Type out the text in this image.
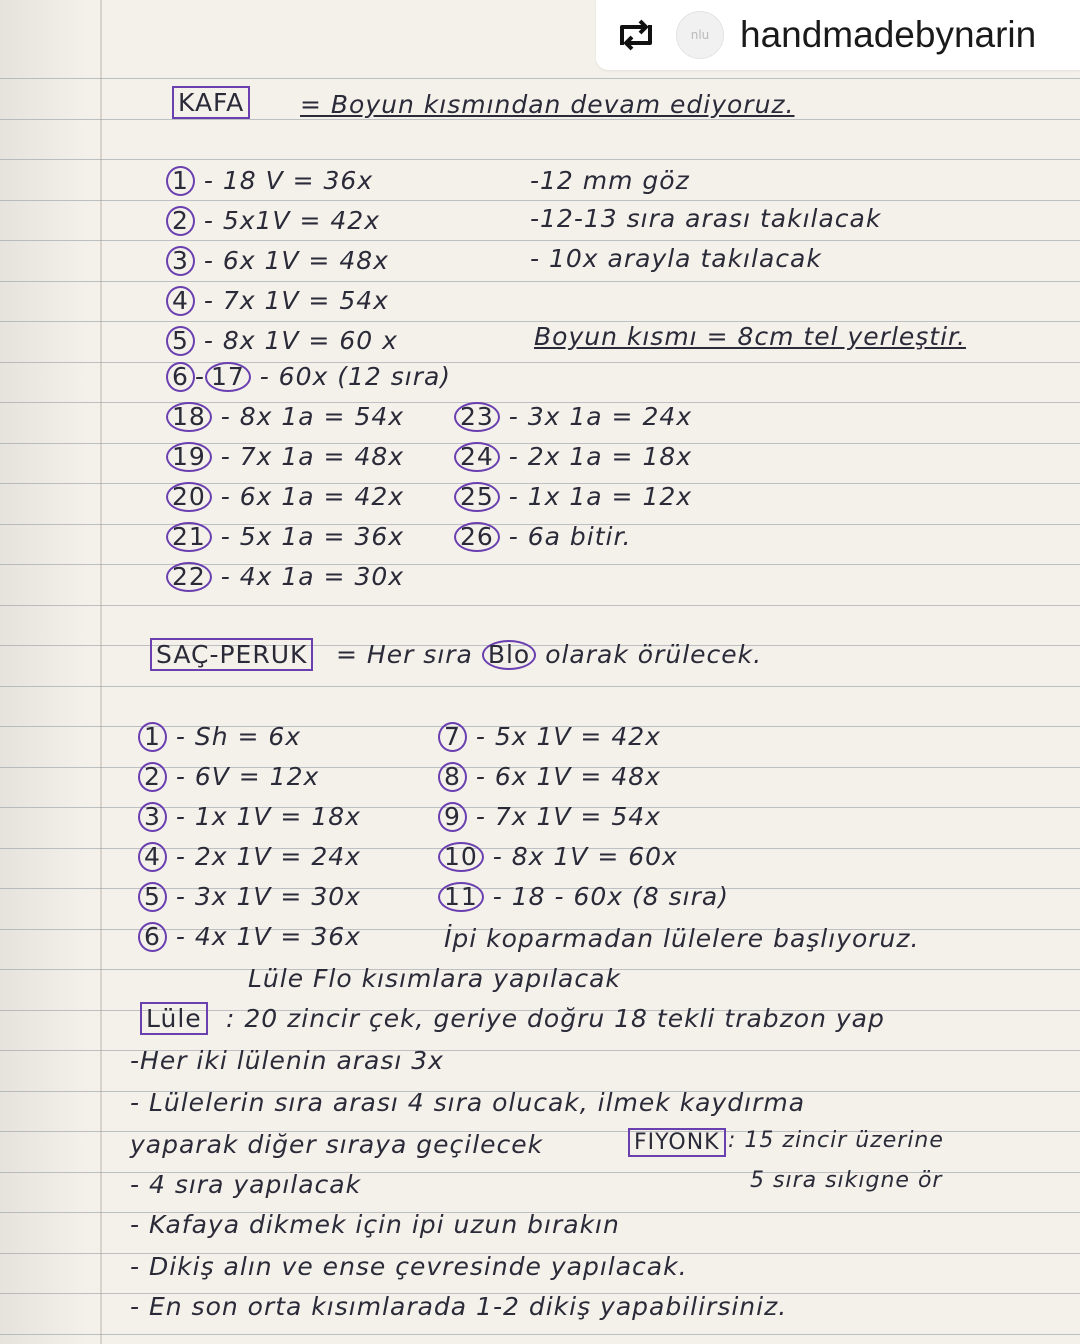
nlu handmadebynarin
KAFA = Boyun kısmından devam ediyoruz.
1 - 18 V = 36x
2 - 5x1V = 42x
3 - 6x 1V = 48x
4 - 7x 1V = 54x
5 - 8x 1V = 60 x
6 - 17 - 60x (12 sıra)
18 - 8x 1a = 54x
19 - 7x 1a = 48x
20 - 6x 1a = 42x
21 - 5x 1a = 36x
22 - 4x 1a = 30x
-12 mm göz
-12-13 sıra arası takılacak
- 10x arayla takılacak
Boyun kısmı = 8cm tel yerleştir.
23 - 3x 1a = 24x
24 - 2x 1a = 18x
25 - 1x 1a = 12x
26 - 6a bitir.
SAÇ-PERUK = Her sıra Blo olarak örülecek.
1 - Sh = 6x
2 - 6V = 12x
3 - 1x 1V = 18x
4 - 2x 1V = 24x
5 - 3x 1V = 30x
6 - 4x 1V = 36x
7 - 5x 1V = 42x
8 - 6x 1V = 48x
9 - 7x 1V = 54x
10 - 8x 1V = 60x
11 - 18 - 60x (8 sıra)
İpi koparmadan lülelere başlıyoruz.
Lüle Flo kısımlara yapılacak
Lüle : 20 zincir çek, geriye doğru 18 tekli trabzon yap
-Her iki lülenin arası 3x
- Lülelerin sıra arası 4 sıra olucak, ilmek kaydırma
yaparak diğer sıraya geçilecek
- 4 sıra yapılacak
- Kafaya dikmek için ipi uzun bırakın
- Dikiş alın ve ense çevresinde yapılacak.
- En son orta kısımlarada 1-2 dikiş yapabilirsiniz.
FIYONK : 15 zincir üzerine
5 sıra sıkıgne ör
